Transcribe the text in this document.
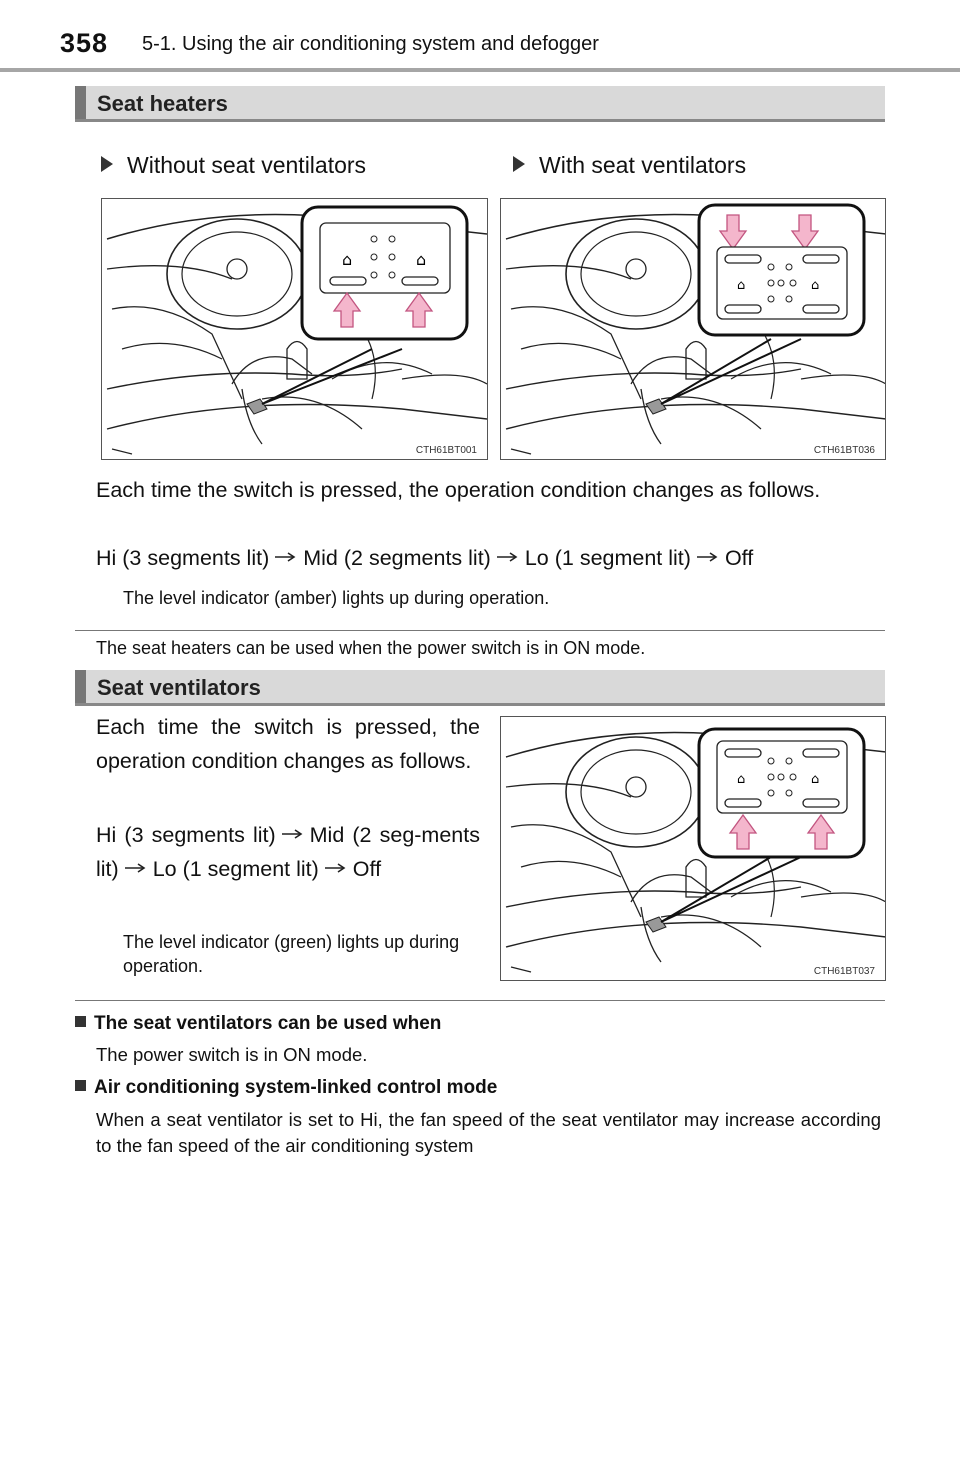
358 5-1. Using the air conditioning system and defogger
Seat heaters
Without seat ventilators	With seat ventilators
⌂	⌂
CTH61BT001
⌂	⌂
CTH61BT036
Each time the switch is pressed, the operation condition changes as follows.
Hi (3 segments lit) Mid (2 segments lit) Lo (1 segment lit) Off
The level indicator (amber) lights up during operation.
The seat heaters can be used when the power switch is in ON mode.
Seat ventilators
Each time the switch is pressed, the operation condition changes as follows.
Hi (3 segments lit) Mid (2 seg-ments lit) Lo (1 segment lit) Off
The level indicator (green) lights up during operation.
⌂	⌂
CTH61BT037
The seat ventilators can be used when
The power switch is in ON mode.
Air conditioning system-linked control mode
When a seat ventilator is set to Hi, the fan speed of the seat ventilator may increase according to the fan speed of the air conditioning system
